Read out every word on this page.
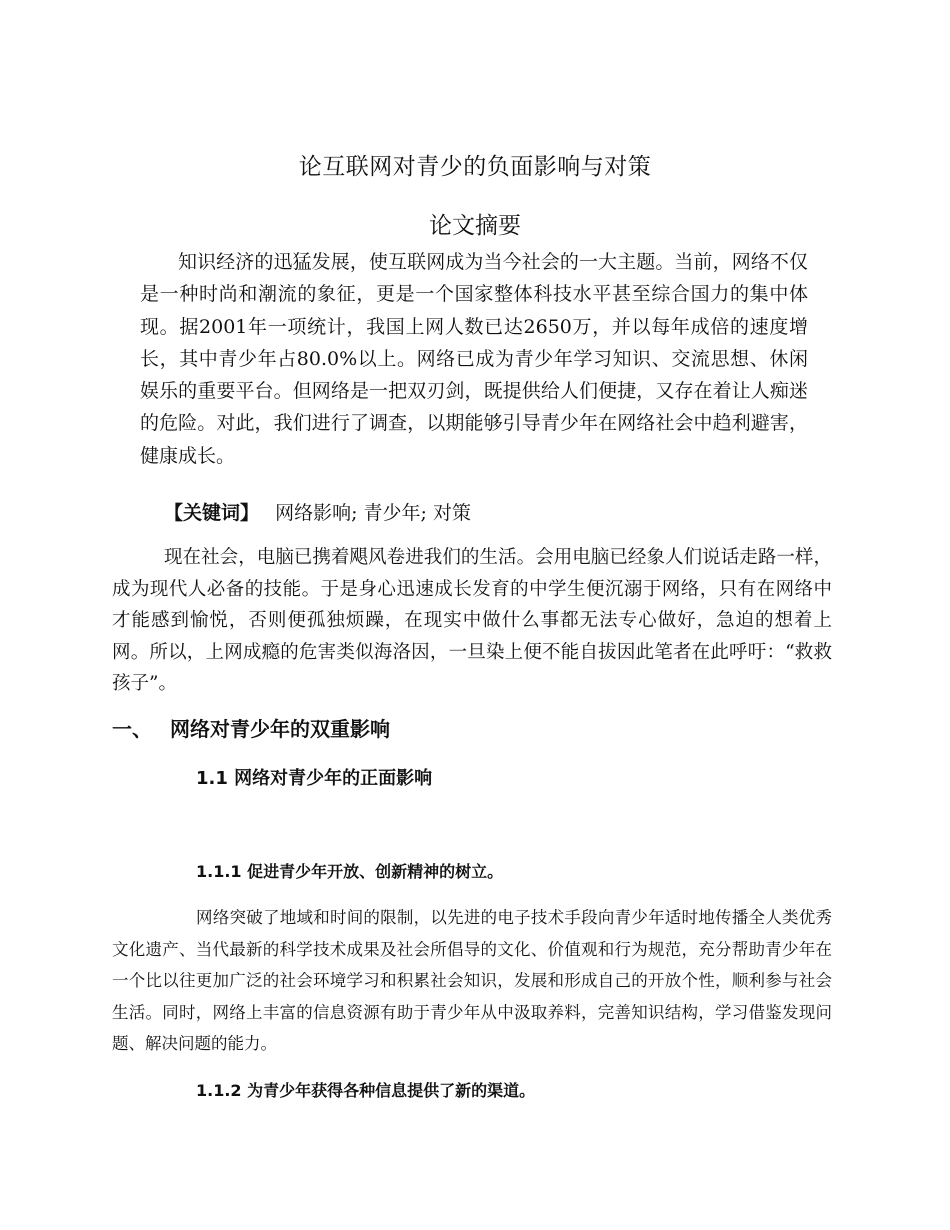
论互联网对青少的负面影响与对策
论文摘要

知识经济的迅猛发展，使互联网成为当今社会的一大主题。当前，网络不仅是一种时尚和潮流的象征，更是一个国家整体科技水平甚至综合国力的集中体现。据2001年一项统计，我国上网人数已达2650万，并以每年成倍的速度增长，其中青少年占80.0%以上。网络已成为青少年学习知识、交流思想、休闲娱乐的重要平台。但网络是一把双刃剑，既提供给人们便捷，又存在着让人痴迷的危险。对此，我们进行了调查，以期能够引导青少年在网络社会中趋利避害，健康成长。

【关键词】 网络影响; 青少年; 对策

现在社会，电脑已携着飓风卷进我们的生活。会用电脑已经象人们说话走路一样，成为现代人必备的技能。于是身心迅速成长发育的中学生便沉溺于网络，只有在网络中才能感到愉悦，否则便孤独烦躁，在现实中做什么事都无法专心做好，急迫的想着上网。所以，上网成瘾的危害类似海洛因，一旦染上便不能自拔因此笔者在此呼吁：“救救孩子”。

一、 网络对青少年的双重影响
1.1 网络对青少年的正面影响
1.1.1 促进青少年开放、创新精神的树立。

网络突破了地域和时间的限制，以先进的电子技术手段向青少年适时地传播全人类优秀文化遗产、当代最新的科学技术成果及社会所倡导的文化、价值观和行为规范，充分帮助青少年在一个比以往更加广泛的社会环境学习和积累社会知识，发展和形成自己的开放个性，顺利参与社会生活。同时，网络上丰富的信息资源有助于青少年从中汲取养料，完善知识结构，学习借鉴发现问题、解决问题的能力。

1.1.2 为青少年获得各种信息提供了新的渠道。
